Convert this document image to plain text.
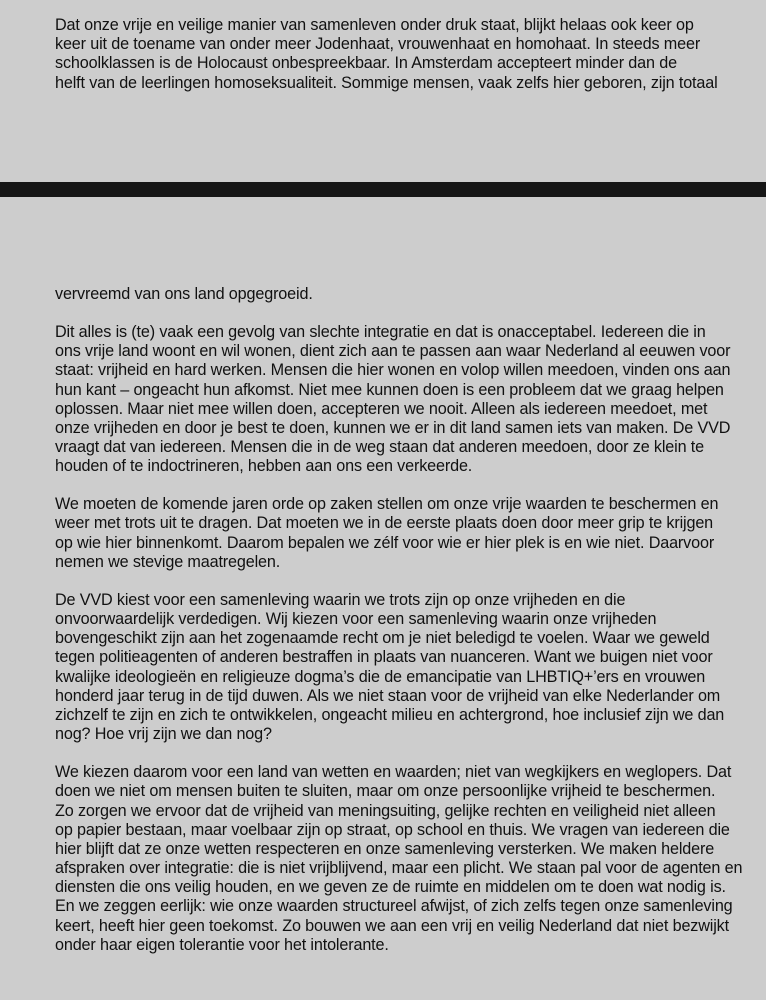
Dat onze vrije en veilige manier van samenleven onder druk staat, blijkt helaas ook keer op
keer uit de toename van onder meer Jodenhaat, vrouwenhaat en homohaat. In steeds meer
schoolklassen is de Holocaust onbespreekbaar. In Amsterdam accepteert minder dan de
helft van de leerlingen homoseksualiteit. Sommige mensen, vaak zelfs hier geboren, zijn totaal
vervreemd van ons land opgegroeid.
Dit alles is (te) vaak een gevolg van slechte integratie en dat is onacceptabel. Iedereen die in
ons vrije land woont en wil wonen, dient zich aan te passen aan waar Nederland al eeuwen voor
staat: vrijheid en hard werken. Mensen die hier wonen en volop willen meedoen, vinden ons aan
hun kant – ongeacht hun afkomst. Niet mee kunnen doen is een probleem dat we graag helpen
oplossen. Maar niet mee willen doen, accepteren we nooit. Alleen als iedereen meedoet, met
onze vrijheden en door je best te doen, kunnen we er in dit land samen iets van maken. De VVD
vraagt dat van iedereen. Mensen die in de weg staan dat anderen meedoen, door ze klein te
houden of te indoctrineren, hebben aan ons een verkeerde.
We moeten de komende jaren orde op zaken stellen om onze vrije waarden te beschermen en
weer met trots uit te dragen. Dat moeten we in de eerste plaats doen door meer grip te krijgen
op wie hier binnenkomt. Daarom bepalen we zélf voor wie er hier plek is en wie niet. Daarvoor
nemen we stevige maatregelen.
De VVD kiest voor een samenleving waarin we trots zijn op onze vrijheden en die
onvoorwaardelijk verdedigen. Wij kiezen voor een samenleving waarin onze vrijheden
bovengeschikt zijn aan het zogenaamde recht om je niet beledigd te voelen. Waar we geweld
tegen politieagenten of anderen bestraffen in plaats van nuanceren. Want we buigen niet voor
kwalijke ideologieën en religieuze dogma’s die de emancipatie van LHBTIQ+’ers en vrouwen
honderd jaar terug in de tijd duwen. Als we niet staan voor de vrijheid van elke Nederlander om
zichzelf te zijn en zich te ontwikkelen, ongeacht milieu en achtergrond, hoe inclusief zijn we dan
nog? Hoe vrij zijn we dan nog?
We kiezen daarom voor een land van wetten en waarden; niet van wegkijkers en weglopers. Dat
doen we niet om mensen buiten te sluiten, maar om onze persoonlijke vrijheid te beschermen.
Zo zorgen we ervoor dat de vrijheid van meningsuiting, gelijke rechten en veiligheid niet alleen
op papier bestaan, maar voelbaar zijn op straat, op school en thuis. We vragen van iedereen die
hier blijft dat ze onze wetten respecteren en onze samenleving versterken. We maken heldere
afspraken over integratie: die is niet vrijblijvend, maar een plicht. We staan pal voor de agenten en
diensten die ons veilig houden, en we geven ze de ruimte en middelen om te doen wat nodig is.
En we zeggen eerlijk: wie onze waarden structureel afwijst, of zich zelfs tegen onze samenleving
keert, heeft hier geen toekomst. Zo bouwen we aan een vrij en veilig Nederland dat niet bezwijkt
onder haar eigen tolerantie voor het intolerante.
